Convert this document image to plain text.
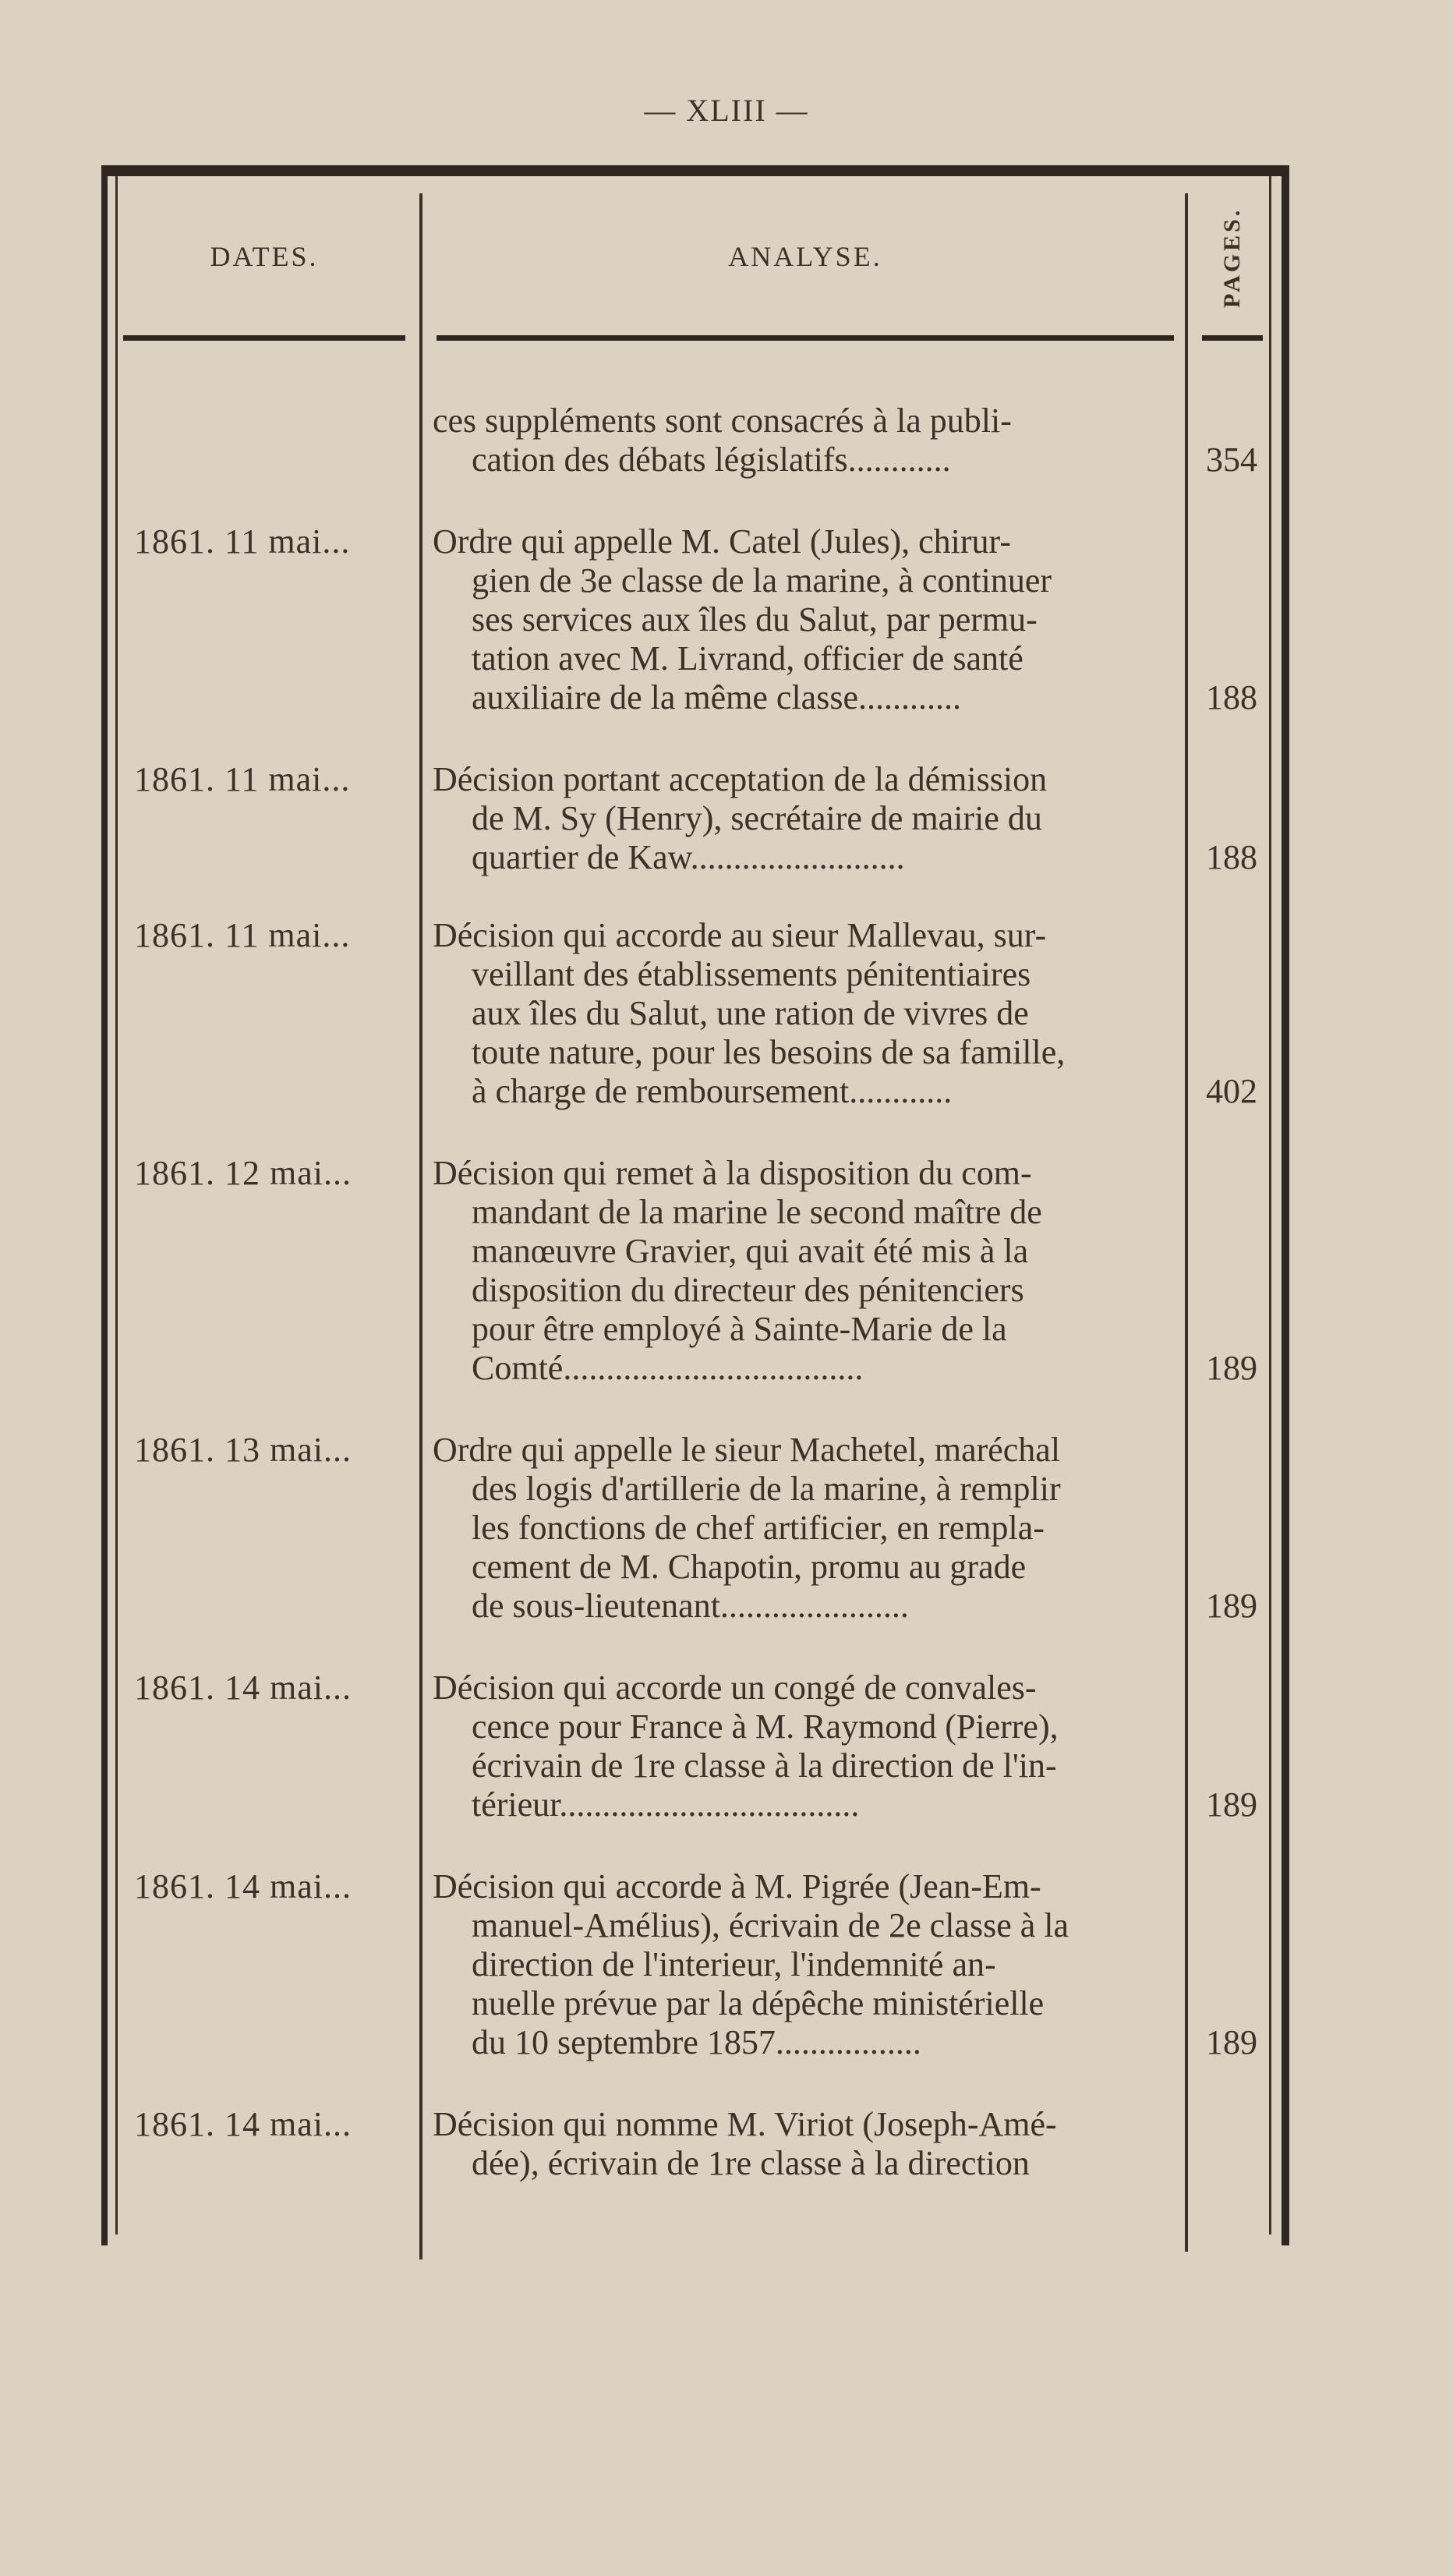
— XLIII —
DATES.	ANALYSE.	PAGES.
ces suppléments sont consacrés à la publi-
cation des débats législatifs............	354
1861. 11 mai...	Ordre qui appelle M. Catel (Jules), chirur-
gien de 3e classe de la marine, à continuer
ses services aux îles du Salut, par permu-
tation avec M. Livrand, officier de santé
auxiliaire de la même classe............	188
1861. 11 mai...	Décision portant acceptation de la démission
de M. Sy (Henry), secrétaire de mairie du
quartier de Kaw.........................	188
1861. 11 mai...	Décision qui accorde au sieur Mallevau, sur-
veillant des établissements pénitentiaires
aux îles du Salut, une ration de vivres de
toute nature, pour les besoins de sa famille,
à charge de remboursement............	402
1861. 12 mai...	Décision qui remet à la disposition du com-
mandant de la marine le second maître de
manœuvre Gravier, qui avait été mis à la
disposition du directeur des pénitenciers
pour être employé à Sainte-Marie de la
Comté...................................	189
1861. 13 mai...	Ordre qui appelle le sieur Machetel, maréchal
des logis d'artillerie de la marine, à remplir
les fonctions de chef artificier, en rempla-
cement de M. Chapotin, promu au grade
de sous-lieutenant......................	189
1861. 14 mai...	Décision qui accorde un congé de convales-
cence pour France à M. Raymond (Pierre),
écrivain de 1re classe à la direction de l'in-
térieur...................................	189
1861. 14 mai...	Décision qui accorde à M. Pigrée (Jean-Em-
manuel-Amélius), écrivain de 2e classe à la
direction de l'interieur, l'indemnité an-
nuelle prévue par la dépêche ministérielle
du 10 septembre 1857.................	189
1861. 14 mai...	Décision qui nomme M. Viriot (Joseph-Amé-
dée), écrivain de 1re classe à la direction
